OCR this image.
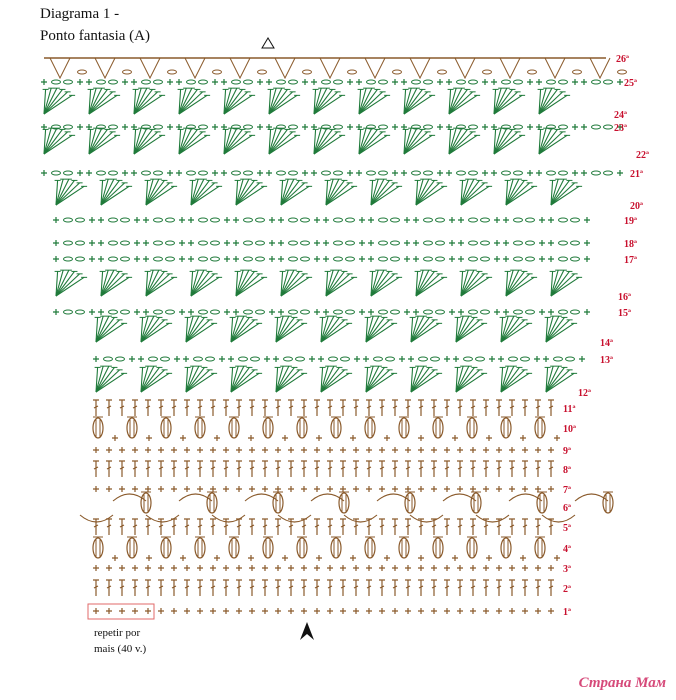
Diagrama 1 -
Ponto fantasia (A)
1ª
2ª
3ª
4ª
5ª
6ª
7ª
8ª
9ª
10ª
11ª
12ª
13ª
14ª
15ª
16ª
17ª
18ª
19ª
20ª
21ª
22ª
23ª
24ª
25ª
26ª
repetir por
mais (40 v.)
Страна Мам
